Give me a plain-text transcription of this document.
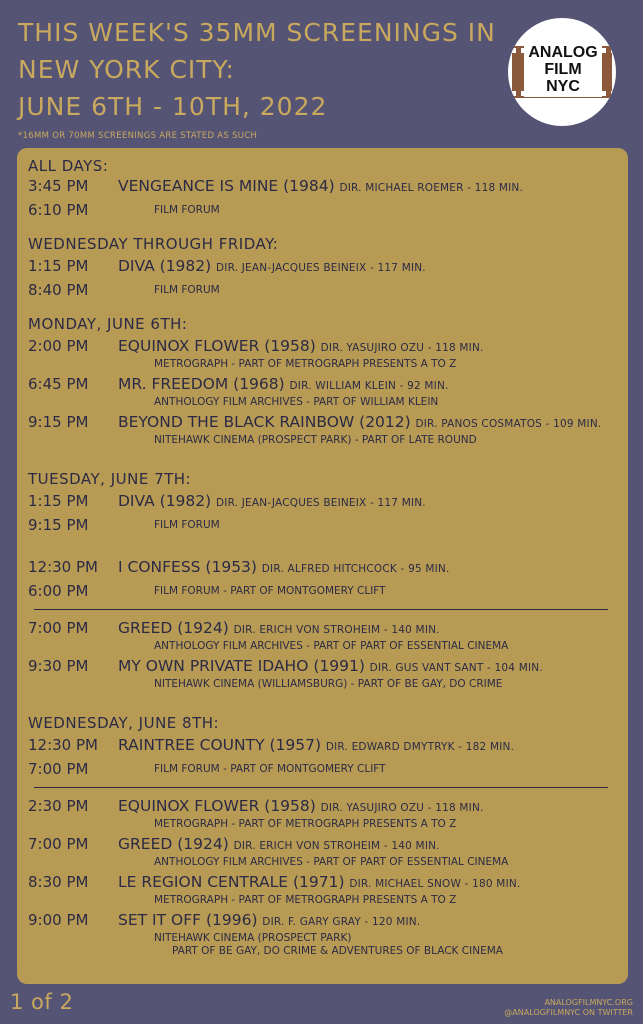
THIS WEEK'S 35MM SCREENINGS IN
NEW YORK CITY:
JUNE 6TH - 10TH, 2022
*16MM OR 70MM SCREENINGS ARE STATED AS SUCH
ANALOG
FILM
NYC
ALL DAYS:
3:45 PM	VENGEANCE IS MINE (1984) DIR. MICHAEL ROEMER - 118 MIN.
6:10 PM	FILM FORUM
WEDNESDAY THROUGH FRIDAY:
1:15 PM	DIVA (1982) DIR. JEAN-JACQUES BEINEIX - 117 MIN.
8:40 PM	FILM FORUM
MONDAY, JUNE 6TH:
2:00 PM	EQUINOX FLOWER (1958) DIR. YASUJIRO OZU - 118 MIN.
METROGRAPH - PART OF METROGRAPH PRESENTS A TO Z
6:45 PM	MR. FREEDOM (1968) DIR. WILLIAM KLEIN - 92 MIN.
ANTHOLOGY FILM ARCHIVES - PART OF WILLIAM KLEIN
9:15 PM	BEYOND THE BLACK RAINBOW (2012) DIR. PANOS COSMATOS - 109 MIN.
NITEHAWK CINEMA (PROSPECT PARK) - PART OF LATE ROUND
TUESDAY, JUNE 7TH:
1:15 PM	DIVA (1982) DIR. JEAN-JACQUES BEINEIX - 117 MIN.
9:15 PM	FILM FORUM
12:30 PM	I CONFESS (1953) DIR. ALFRED HITCHCOCK - 95 MIN.
6:00 PM	FILM FORUM - PART OF MONTGOMERY CLIFT
7:00 PM	GREED (1924) DIR. ERICH VON STROHEIM - 140 MIN.
ANTHOLOGY FILM ARCHIVES - PART OF PART OF ESSENTIAL CINEMA
9:30 PM	MY OWN PRIVATE IDAHO (1991) DIR. GUS VANT SANT - 104 MIN.
NITEHAWK CINEMA (WILLIAMSBURG) - PART OF BE GAY, DO CRIME
WEDNESDAY, JUNE 8TH:
12:30 PM	RAINTREE COUNTY (1957) DIR. EDWARD DMYTRYK - 182 MIN.
7:00 PM	FILM FORUM - PART OF MONTGOMERY CLIFT
2:30 PM	EQUINOX FLOWER (1958) DIR. YASUJIRO OZU - 118 MIN.
METROGRAPH - PART OF METROGRAPH PRESENTS A TO Z
7:00 PM	GREED (1924) DIR. ERICH VON STROHEIM - 140 MIN.
ANTHOLOGY FILM ARCHIVES - PART OF PART OF ESSENTIAL CINEMA
8:30 PM	LE REGION CENTRALE (1971) DIR. MICHAEL SNOW - 180 MIN.
METROGRAPH - PART OF METROGRAPH PRESENTS A TO Z
9:00 PM	SET IT OFF (1996) DIR. F. GARY GRAY - 120 MIN.
NITEHAWK CINEMA (PROSPECT PARK)
PART OF BE GAY, DO CRIME & ADVENTURES OF BLACK CINEMA
1 of 2	ANALOGFILMNYC.ORG
@ANALOGFILMNYC ON TWITTER
